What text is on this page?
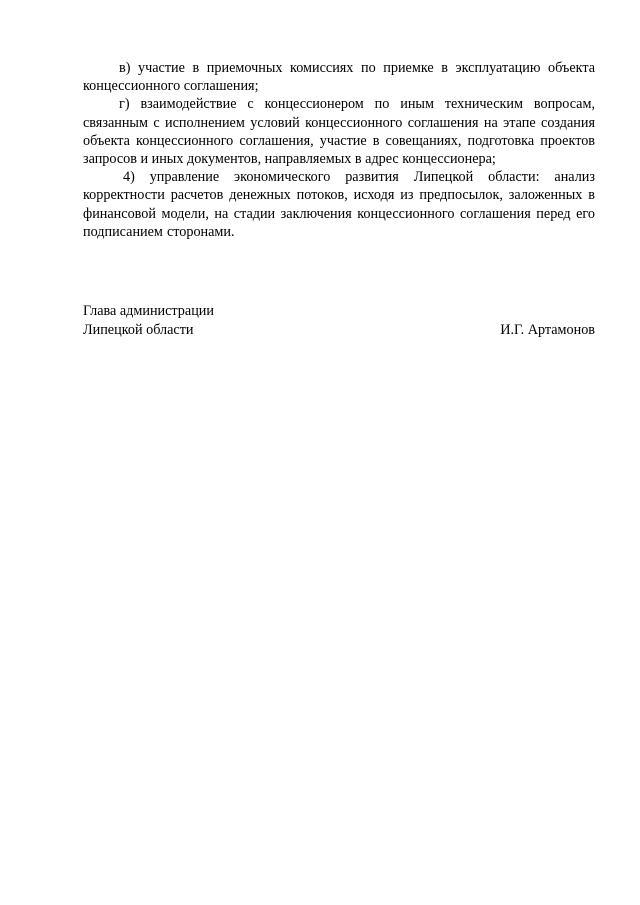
в) участие в приемочных комиссиях по приемке в эксплуатацию объекта концессионного соглашения;

г) взаимодействие с концессионером по иным техническим вопросам, связанным с исполнением условий концессионного соглашения на этапе создания объекта концессионного соглашения, участие в совещаниях, подготовка проектов запросов и иных документов, направляемых в адрес концессионера;

4) управление экономического развития Липецкой области: анализ корректности расчетов денежных потоков, исходя из предпосылок, заложенных в финансовой модели, на стадии заключения концессионного соглашения перед его подписанием сторонами.

Глава администрации
Липецкой области	И.Г. Артамонов
